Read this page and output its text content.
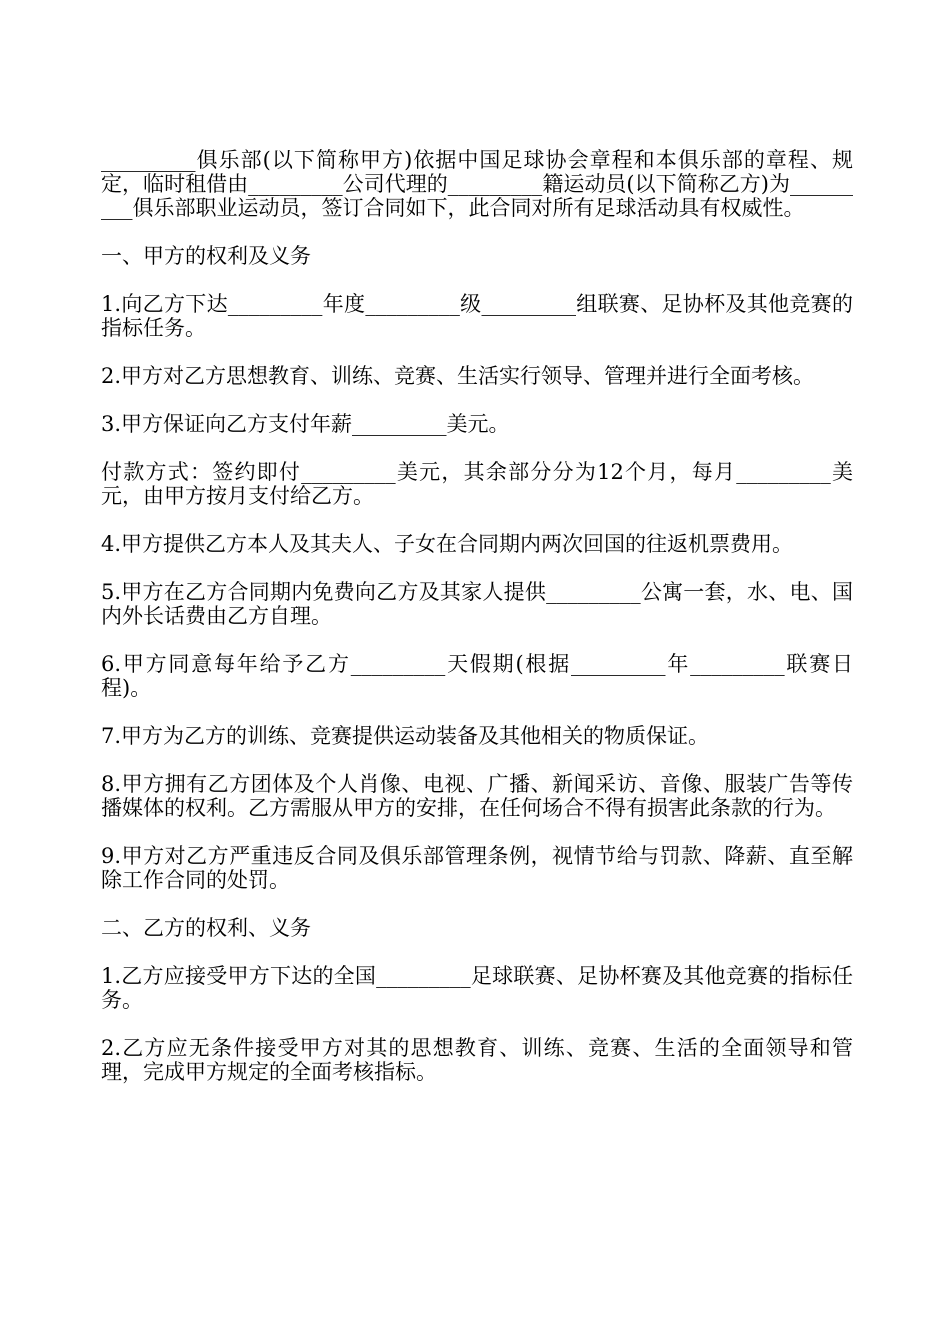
_________俱乐部(以下简称甲方)依据中国足球协会章程和本俱乐部的章程、规定，临时租借由_________公司代理的_________籍运动员(以下简称乙方)为_________俱乐部职业运动员，签订合同如下，此合同对所有足球活动具有权威性。

一、甲方的权利及义务

1.向乙方下达_________年度_________级_________组联赛、足协杯及其他竞赛的指标任务。

2.甲方对乙方思想教育、训练、竞赛、生活实行领导、管理并进行全面考核。

3.甲方保证向乙方支付年薪_________美元。

付款方式：签约即付_________美元，其余部分分为12个月，每月_________美元，由甲方按月支付给乙方。

4.甲方提供乙方本人及其夫人、子女在合同期内两次回国的往返机票费用。

5.甲方在乙方合同期内免费向乙方及其家人提供_________公寓一套，水、电、国内外长话费由乙方自理。

6.甲方同意每年给予乙方_________天假期(根据_________年_________联赛日程)。

7.甲方为乙方的训练、竞赛提供运动装备及其他相关的物质保证。

8.甲方拥有乙方团体及个人肖像、电视、广播、新闻采访、音像、服装广告等传播媒体的权利。乙方需服从甲方的安排，在任何场合不得有损害此条款的行为。

9.甲方对乙方严重违反合同及俱乐部管理条例，视情节给与罚款、降薪、直至解除工作合同的处罚。

二、乙方的权利、义务

1.乙方应接受甲方下达的全国_________足球联赛、足协杯赛及其他竞赛的指标任务。

2.乙方应无条件接受甲方对其的思想教育、训练、竞赛、生活的全面领导和管理，完成甲方规定的全面考核指标。
